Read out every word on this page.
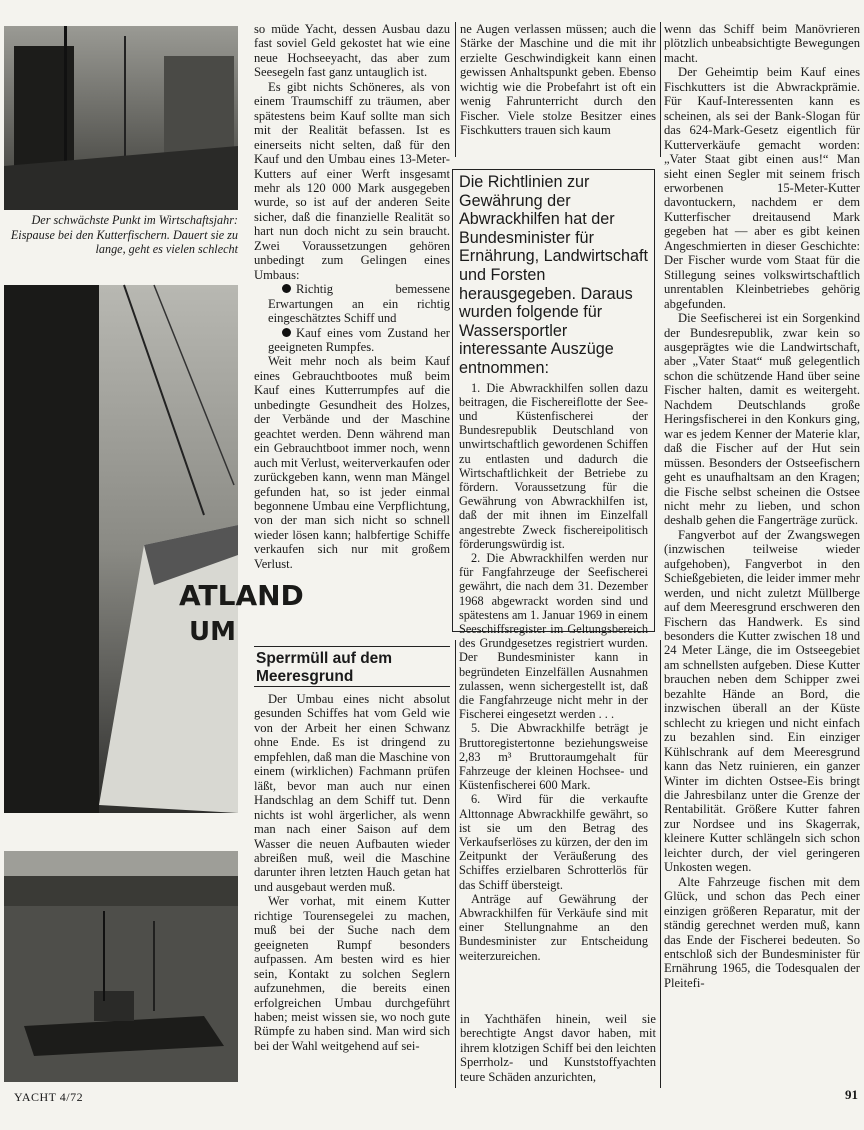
ATLAND
UM
Der schwächste Punkt im Wirtschaftsjahr: Eispause bei den Kutterfischern. Dauert sie zu lange, geht es vielen schlecht

so müde Yacht, dessen Ausbau dazu fast soviel Geld gekostet hat wie eine neue Hochseeyacht, das aber zum Seesegeln fast ganz untauglich ist.

Es gibt nichts Schöneres, als von einem Traumschiff zu träumen, aber spätestens beim Kauf sollte man sich mit der Realität befassen. Ist es einerseits nicht selten, daß für den Kauf und den Umbau eines 13-Meter-Kutters auf einer Werft insgesamt mehr als 120 000 Mark ausgegeben wurde, so ist auf der anderen Seite sicher, daß die finanzielle Realität so hart nun doch nicht zu sein braucht. Zwei Voraussetzungen gehören unbedingt zum Gelingen eines Umbaus:

Richtig bemessene Erwartungen an ein richtig eingeschätztes Schiff und

Kauf eines vom Zustand her geeigneten Rumpfes.

Weit mehr noch als beim Kauf eines Gebrauchtbootes muß beim Kauf eines Kutterrumpfes auf die unbedingte Gesundheit des Holzes, der Verbände und der Maschine geachtet werden. Denn während man ein Gebrauchtboot immer noch, wenn auch mit Verlust, weiterverkaufen oder zurückgeben kann, wenn man Mängel gefunden hat, so ist jeder einmal begonnene Umbau eine Verpflichtung, von der man sich nicht so schnell wieder lösen kann; halbfertige Schiffe verkaufen sich nur mit großem Verlust.

Sperrmüll auf dem Meeresgrund

Der Umbau eines nicht absolut gesunden Schiffes hat vom Geld wie von der Arbeit her einen Schwanz ohne Ende. Es ist dringend zu empfehlen, daß man die Maschine von einem (wirklichen) Fachmann prüfen läßt, bevor man auch nur einen Handschlag an dem Schiff tut. Denn nichts ist wohl ärgerlicher, als wenn man nach einer Saison auf dem Wasser die neuen Aufbauten wieder abreißen muß, weil die Maschine darunter ihren letzten Hauch getan hat und ausgebaut werden muß.

Wer vorhat, mit einem Kutter richtige Tourensegelei zu machen, muß bei der Suche nach dem geeigneten Rumpf besonders aufpassen. Am besten wird es hier sein, Kontakt zu solchen Seglern aufzunehmen, die bereits einen erfolgreichen Umbau durchgeführt haben; meist wissen sie, wo noch gute Rümpfe zu haben sind. Man wird sich bei der Wahl weitgehend auf sei-

ne Augen verlassen müssen; auch die Stärke der Maschine und die mit ihr erzielte Geschwindigkeit kann einen gewissen Anhaltspunkt geben. Ebenso wichtig wie die Probefahrt ist oft ein wenig Fahrunterricht durch den Fischer. Viele stolze Besitzer eines Fischkutters trauen sich kaum

Die Richtlinien zur Gewährung der Abwrackhilfen hat der Bundesminister für Ernährung, Landwirtschaft und Forsten herausgegeben. Daraus wurden folgende für Wassersportler interessante Auszüge entnommen:

1. Die Abwrackhilfen sollen dazu beitragen, die Fischereiflotte der See- und Küstenfischerei der Bundesrepublik Deutschland von unwirtschaftlich gewordenen Schiffen zu entlasten und dadurch die Wirtschaftlichkeit der Betriebe zu fördern. Voraussetzung für die Gewährung von Abwrackhilfen ist, daß der mit ihnen im Einzelfall angestrebte Zweck fischereipolitisch förderungswürdig ist.

2. Die Abwrackhilfen werden nur für Fangfahrzeuge der Seefischerei gewährt, die nach dem 31. Dezember 1968 abgewrackt worden sind und spätestens am 1. Januar 1969 in einem Seeschiffsregister im Geltungsbereich des Grundgesetzes registriert wurden. Der Bundesminister kann in begründeten Einzelfällen Ausnahmen zulassen, wenn sichergestellt ist, daß die Fangfahrzeuge nicht mehr in der Fischerei eingesetzt werden . . .

5. Die Abwrackhilfe beträgt je Bruttoregistertonne beziehungsweise 2,83 m³ Bruttoraumgehalt für Fahrzeuge der kleinen Hochsee- und Küstenfischerei 600 Mark.

6. Wird für die verkaufte Alttonnage Abwrackhilfe gewährt, so ist sie um den Betrag des Verkaufserlöses zu kürzen, der den im Zeitpunkt der Veräußerung des Schiffes erzielbaren Schrotterlös für das Schiff übersteigt.

Anträge auf Gewährung der Abwrackhilfen für Verkäufe sind mit einer Stellungnahme an den Bundesminister zur Entscheidung weiterzureichen.

in Yachthäfen hinein, weil sie berechtigte Angst davor haben, mit ihrem klotzigen Schiff bei den leichten Sperrholz- und Kunststoffyachten teure Schäden anzurichten,

wenn das Schiff beim Manövrieren plötzlich unbeabsichtigte Bewegungen macht.

Der Geheimtip beim Kauf eines Fischkutters ist die Abwrackprämie. Für Kauf-Interessenten kann es scheinen, als sei der Bank-Slogan für das 624-Mark-Gesetz eigentlich für Kutterverkäufe gemacht worden: „Vater Staat gibt einen aus!“ Man sieht einen Segler mit seinem frisch erworbenen 15-Meter-Kutter davontuckern, nachdem er dem Kutterfischer dreitausend Mark gegeben hat — aber es gibt keinen Angeschmierten in dieser Geschichte: Der Fischer wurde vom Staat für die Stillegung seines volkswirtschaftlich unrentablen Kleinbetriebes gehörig abgefunden.

Die Seefischerei ist ein Sorgenkind der Bundesrepublik, zwar kein so ausgeprägtes wie die Landwirtschaft, aber „Vater Staat“ muß gelegentlich schon die schützende Hand über seine Fischer halten, damit es weitergeht. Nachdem Deutschlands große Heringsfischerei in den Konkurs ging, war es jedem Kenner der Materie klar, daß die Fischer auf der Hut sein müssen. Besonders der Ostseefischern geht es unaufhaltsam an den Kragen; die Fische selbst scheinen die Ostsee nicht mehr zu lieben, und schon deshalb gehen die Fangerträge zurück.

Fangverbot auf der Zwangswegen (inzwischen teilweise wieder aufgehoben), Fangverbot in den Schießgebieten, die leider immer mehr werden, und nicht zuletzt Müllberge auf dem Meeresgrund erschweren den Fischern das Handwerk. Es sind besonders die Kutter zwischen 18 und 24 Meter Länge, die im Ostseegebiet am schnellsten aufgeben. Diese Kutter brauchen neben dem Schipper zwei bezahlte Hände an Bord, die inzwischen überall an der Küste schlecht zu kriegen und nicht einfach zu bezahlen sind. Ein einziger Kühlschrank auf dem Meeresgrund kann das Netz ruinieren, ein ganzer Winter im dichten Ostsee-Eis bringt die Jahresbilanz unter die Grenze der Rentabilität. Größere Kutter fahren zur Nordsee und ins Skagerrak, kleinere Kutter schlängeln sich schon leichter durch, der viel geringeren Unkosten wegen.

Alte Fahrzeuge fischen mit dem Glück, und schon das Pech einer einzigen größeren Reparatur, mit der ständig gerechnet werden muß, kann das Ende der Fischerei bedeuten. So entschloß sich der Bundesminister für Ernährung 1965, die Todesqualen der Pleitefi-

YACHT 4/72	91
